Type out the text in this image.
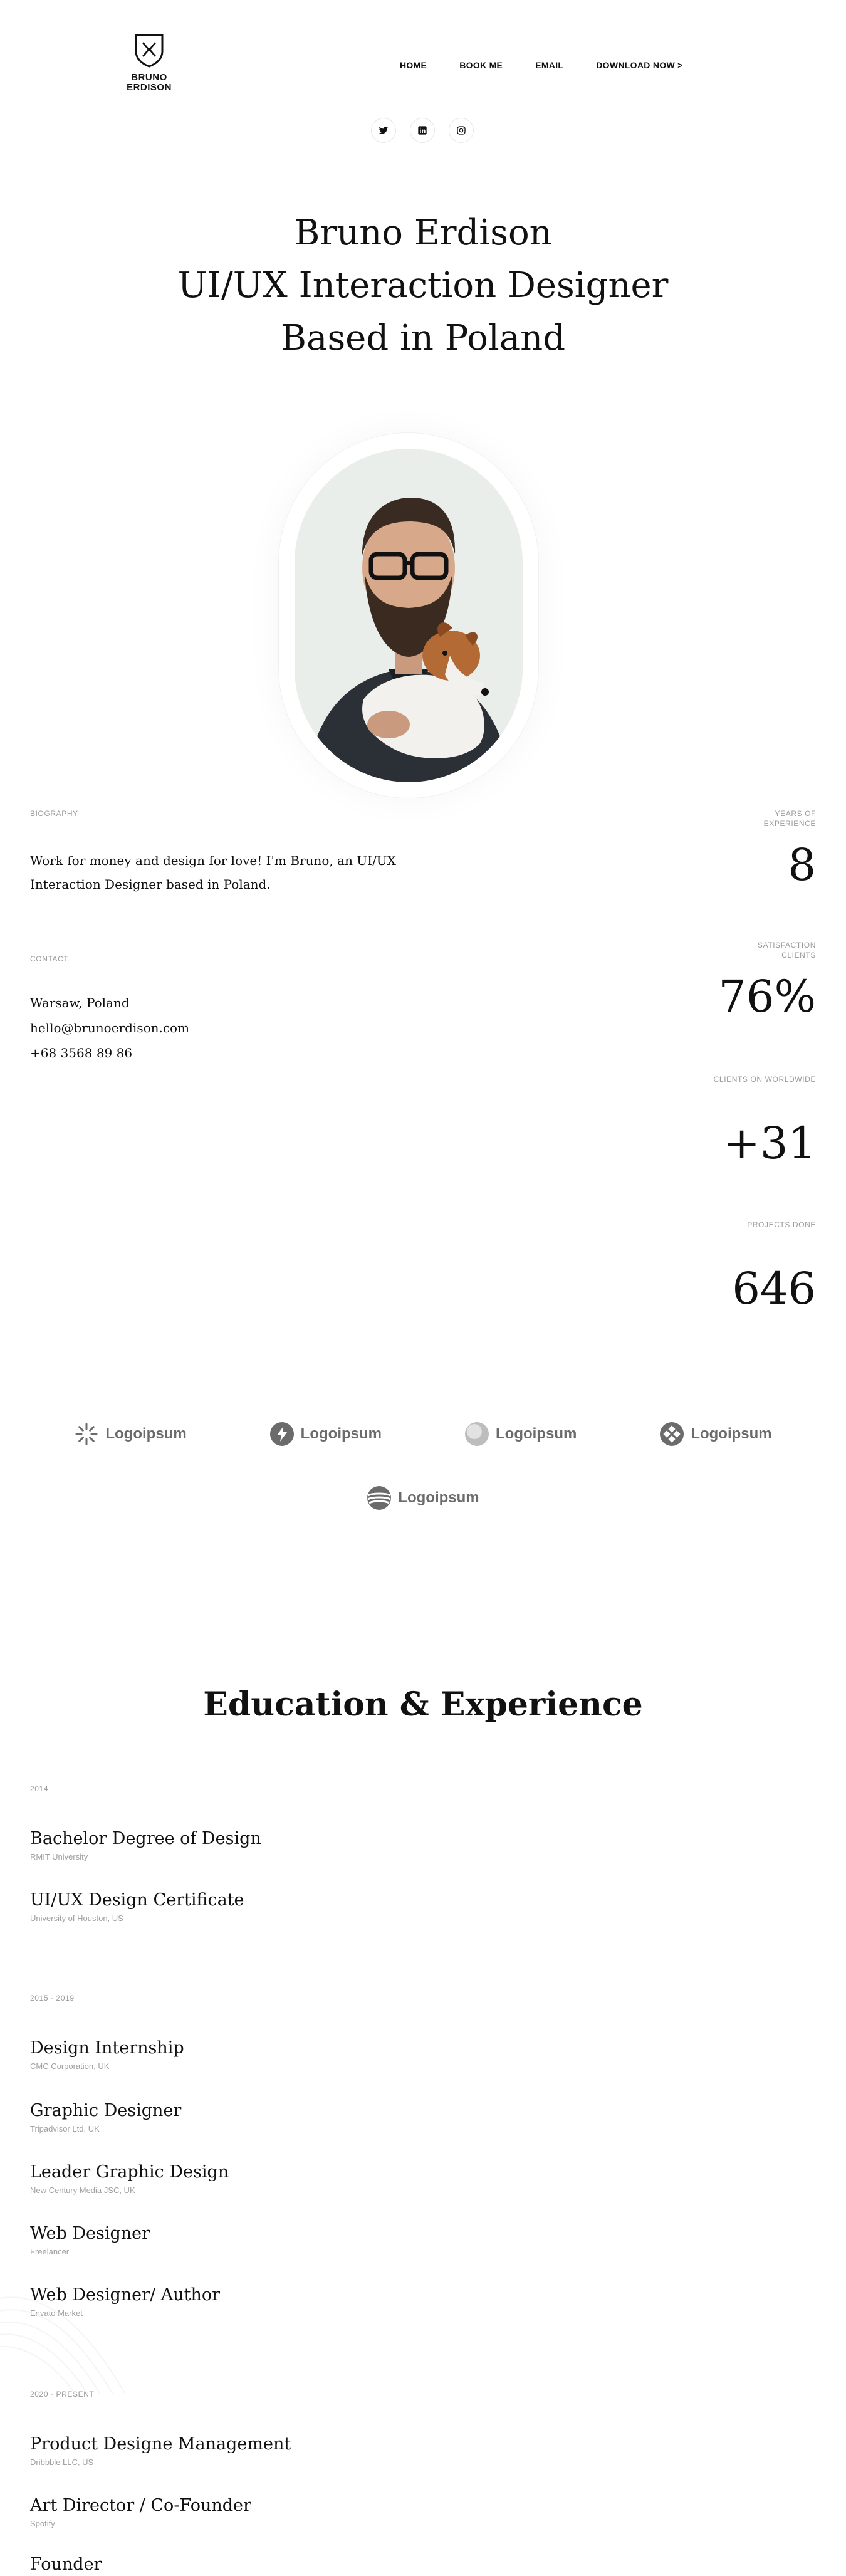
BRUNO
ERDISON
HOME	BOOK ME	EMAIL	DOWNLOAD NOW >
Bruno Erdison
UI/UX Interaction Designer
Based in Poland
BIOGRAPHY

Work for money and design for love! I'm Bruno, an UI/UX Interaction Designer based in Poland.

CONTACT
Warsaw, Poland
hello@brunoerdison.com
+68 3568 89 86
YEARS OF EXPERIENCE
8
SATISFACTION CLIENTS
76%
CLIENTS ON WORLDWIDE
+31
PROJECTS DONE
646
Logoipsum	Logoipsum	Logoipsum	Logoipsum
Logoipsum
Education & Experience
2014
Bachelor Degree of Design
RMIT University
UI/UX Design Certificate
University of Houston, US
2015 - 2019
Design Internship
CMC Corporation, UK
Graphic Designer
Tripadvisor Ltd, UK
Leader Graphic Design
New Century Media JSC, UK
Web Designer
Freelancer
Web Designer/ Author
Envato Market
2020 - PRESENT
Product Designe Management
Dribbble LLC, US
Art Director / Co-Founder
Spotify
Founder
